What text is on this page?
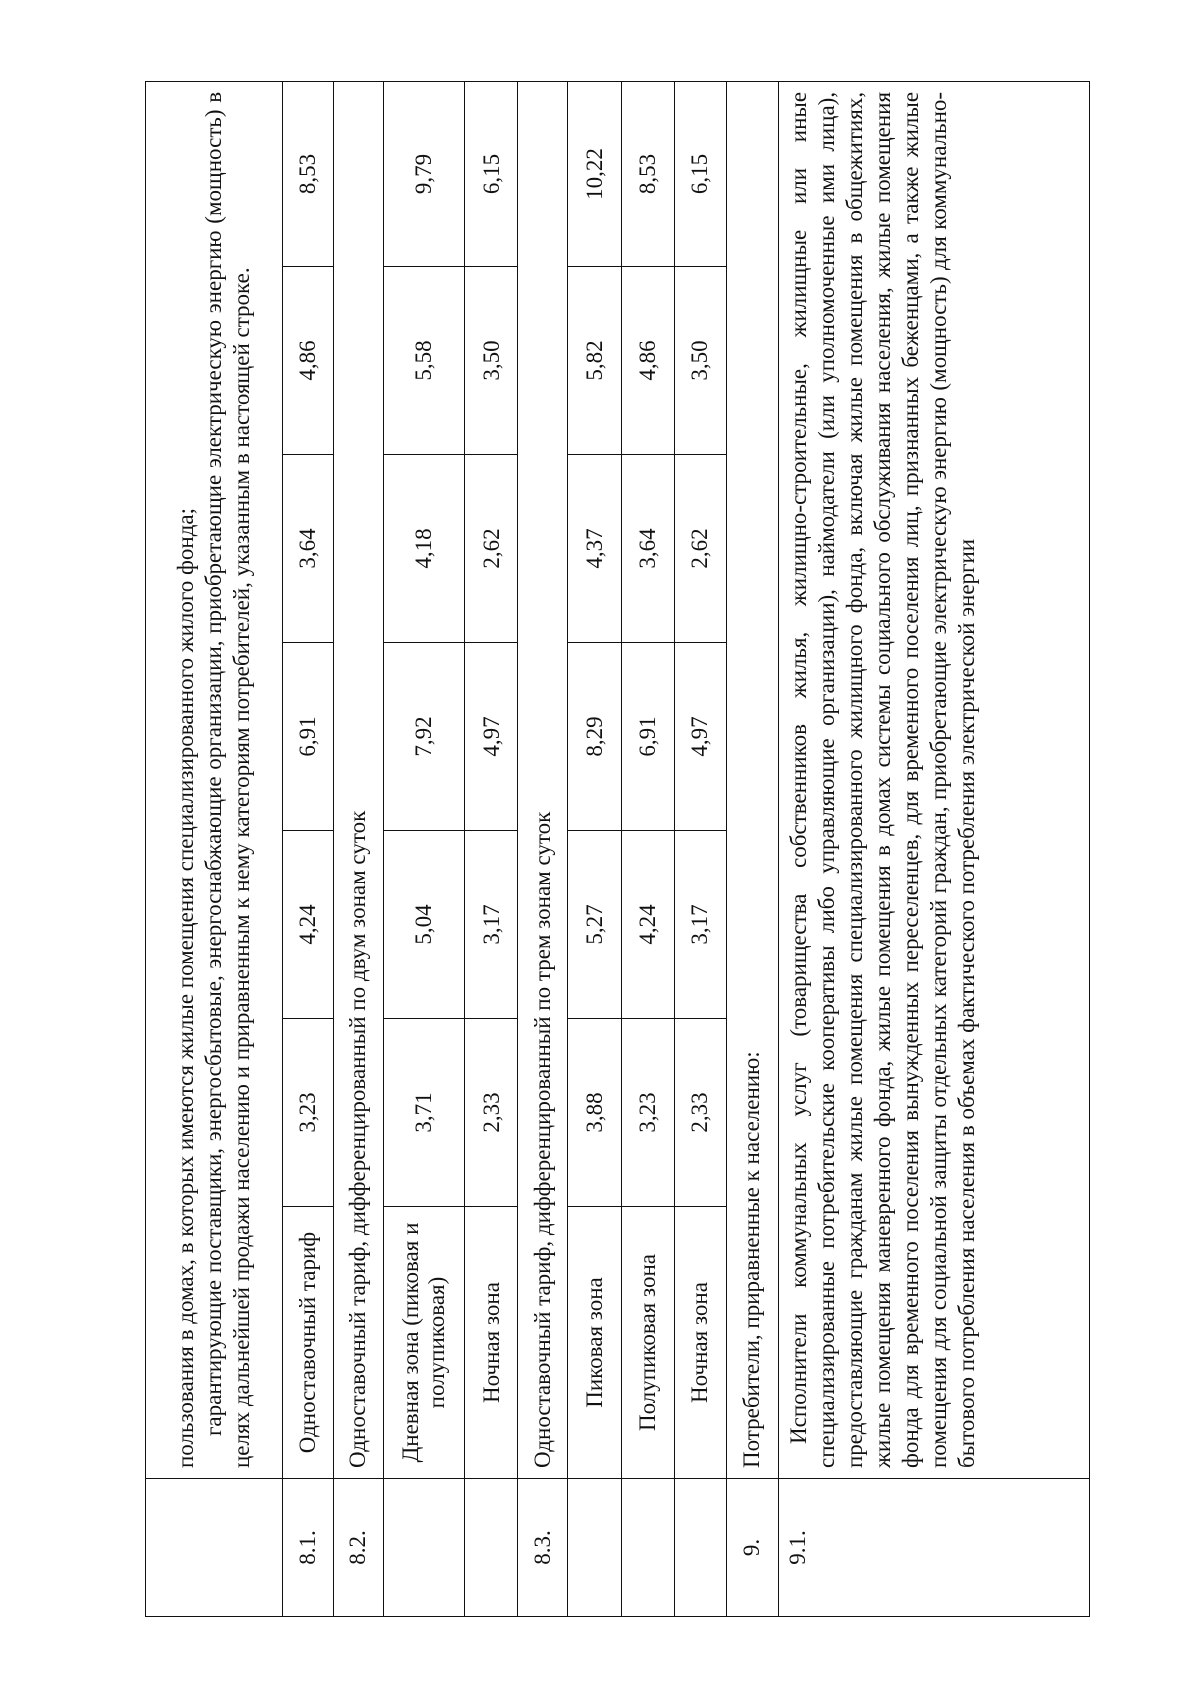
	пользования в домах, в которых имеются жилые помещения специализированного жилого фонда; гарантирующие поставщики, энергосбытовые, энергоснабжающие организации, приобретающие электрическую энергию (мощность) в целях дальнейшей продажи населению и приравненным к нему категориям потребителей, указанным в настоящей строке.						

8.1.	Одноставочный тариф	3,23	4,24	6,91	3,64	4,86	8,53
8.2.	Одноставочный тариф, дифференцированный по двум зонам суток						
	Дневная зона (пиковая и полупиковая)	3,71	5,04	7,92	4,18	5,58	9,79
	Ночная зона	2,33	3,17	4,97	2,62	3,50	6,15
8.3.	Одноставочный тариф, дифференцированный по трем зонам суток						
	Пиковая зона	3,88	5,27	8,29	4,37	5,82	10,22
	Полупиковая зона	3,23	4,24	6,91	3,64	4,86	8,53
	Ночная зона	2,33	3,17	4,97	2,62	3,50	6,15
9.	Потребители, приравненные к населению:						
9.1.	Исполнители коммунальных услуг (товарищества собственников жилья, жилищно-строительные, жилищные или иные специализированные потребительские кооперативы либо управляющие организации), наймодатели (или уполномоченные ими лица), предоставляющие гражданам жилые помещения специализированного жилищного фонда, включая жилые помещения в общежитиях, жилые помещения маневренного фонда, жилые помещения в домах системы социального обслуживания населения, жилые помещения фонда для временного поселения вынужденных переселенцев, для временного поселения лиц, признанных беженцами, а также жилые помещения для социальной защиты отдельных категорий граждан, приобретающие электрическую энергию (мощность) для коммунально-бытового потребления населения в объемах фактического потребления электрической энергии						
